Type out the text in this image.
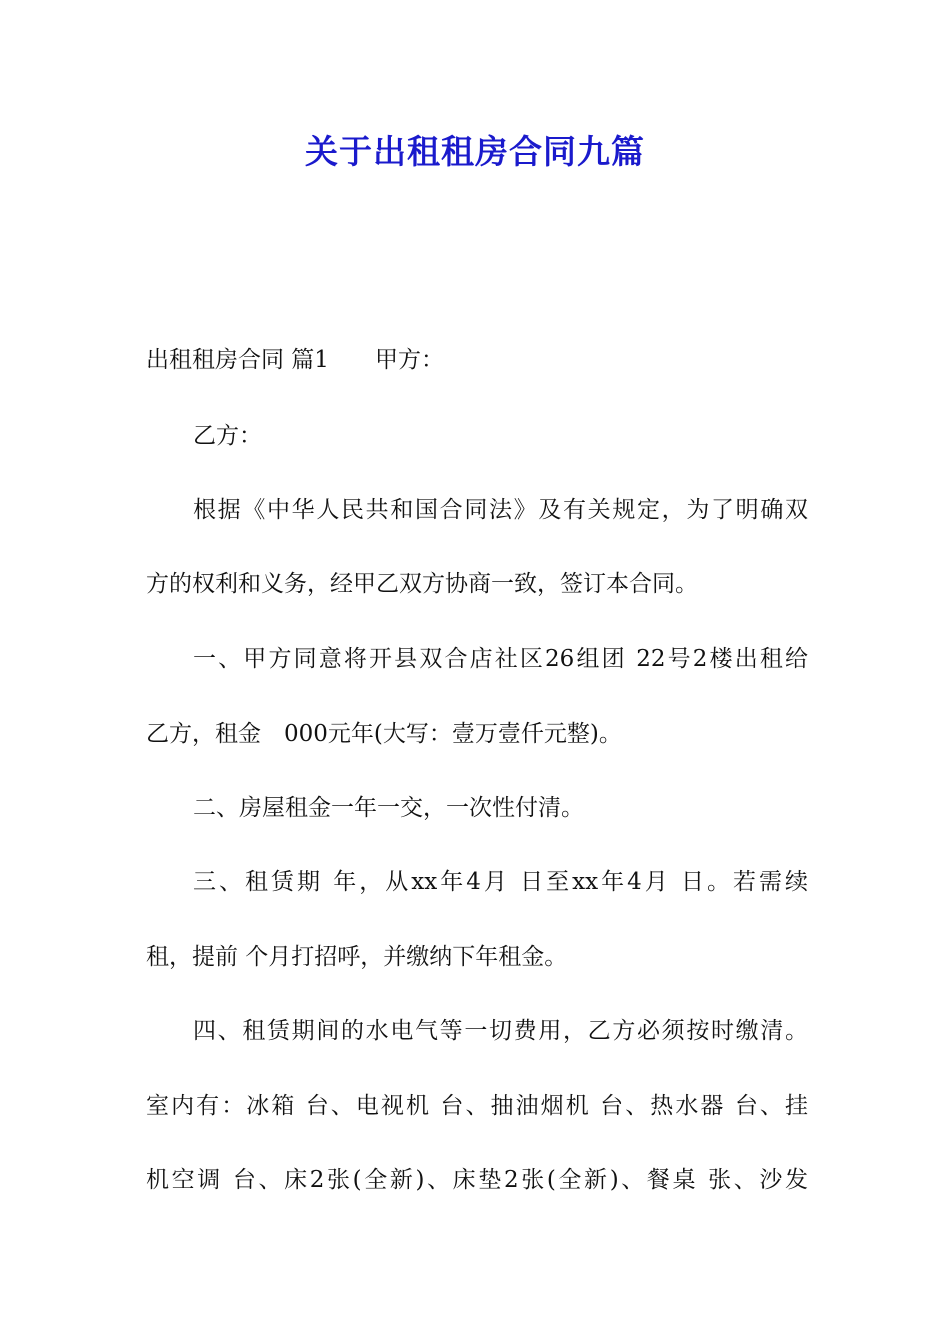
关于出租租房合同九篇
出租租房合同 篇1　　甲方：
乙方：
根据《中华人民共和国合同法》及有关规定，为了明确双
方的权利和义务，经甲乙双方协商一致，签订本合同。
一、甲方同意将开县双合店社区26组团 22号2楼出租给
乙方，租金　000元年(大写：壹万壹仟元整)。
二、房屋租金一年一交，一次性付清。
三、租赁期 年，从xx年4月 日至xx年4月 日。若需续
租，提前 个月打招呼，并缴纳下年租金。
四、租赁期间的水电气等一切费用，乙方必须按时缴清。
室内有：冰箱 台、电视机 台、抽油烟机 台、热水器 台、挂
机空调 台、床2张(全新)、床垫2张(全新)、餐桌 张、沙发
